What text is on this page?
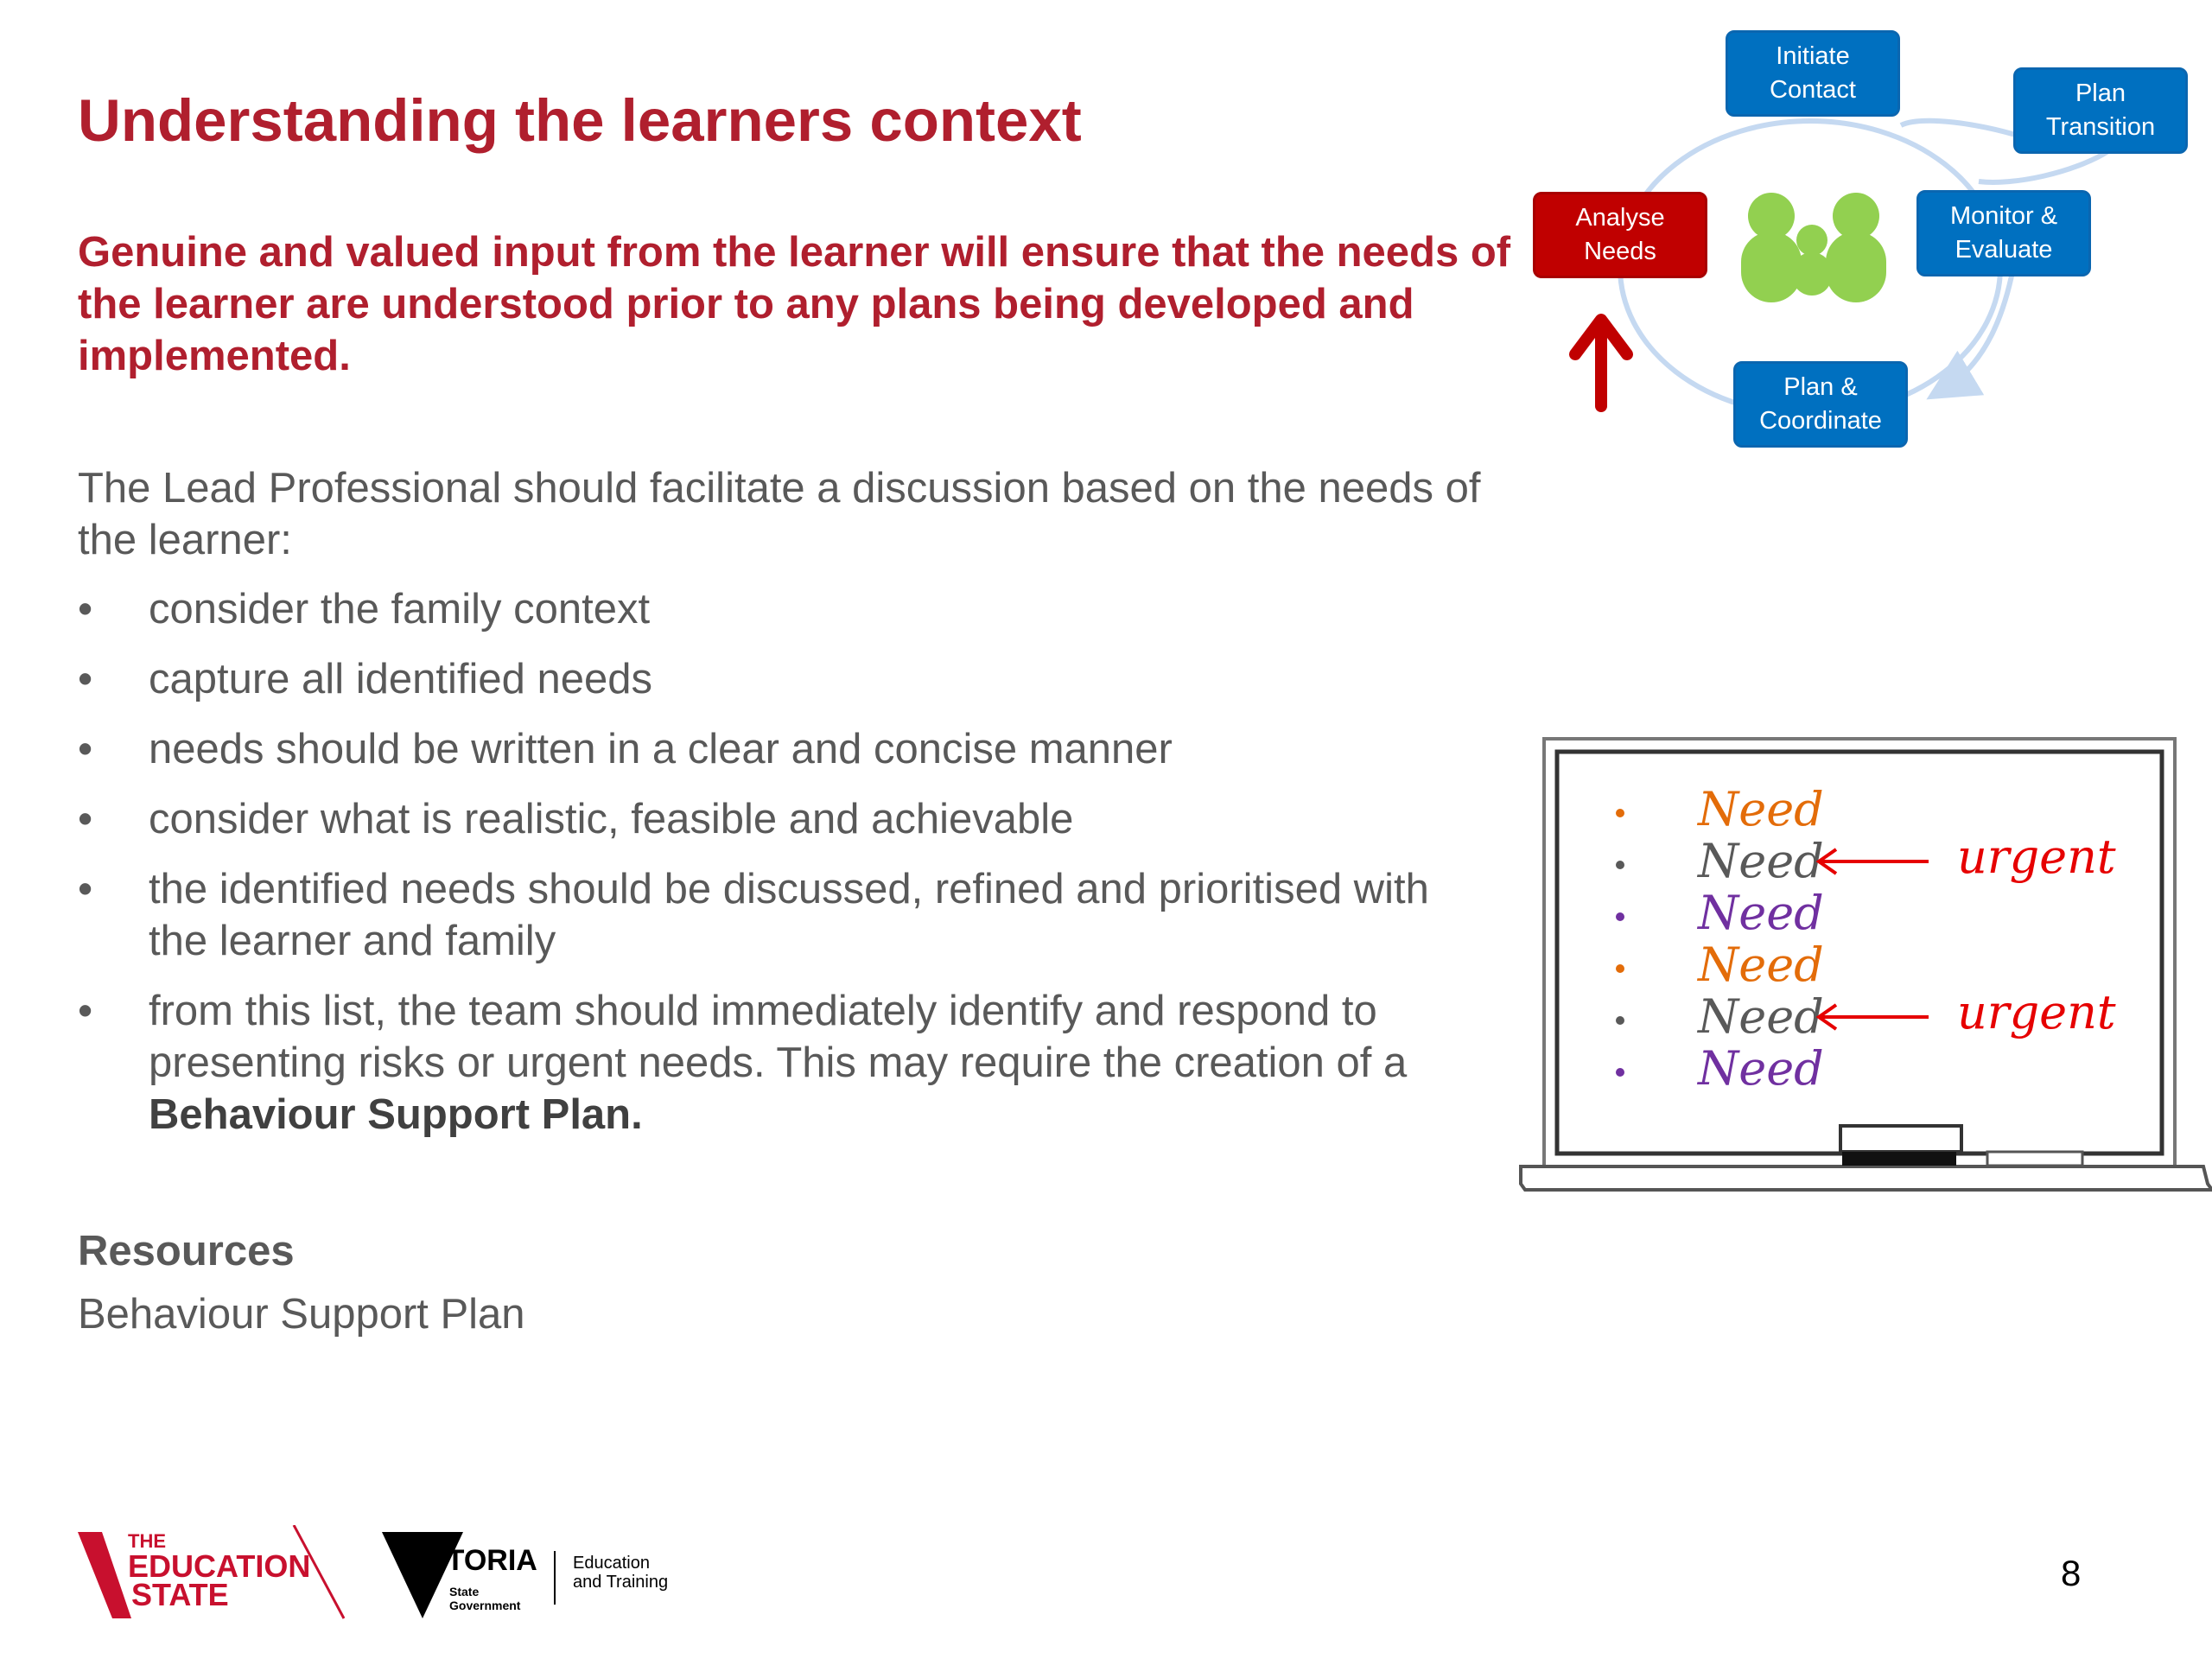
Understanding the learners context
Genuine and valued input from the learner will ensure that the needs of the learner are understood prior to any plans being developed and implemented.
The Lead Professional should facilitate a discussion based on the needs of the learner:
• consider the family context
• capture all identified needs
• needs should be written in a clear and concise manner
• consider what is realistic, feasible and achievable
• the identified needs should be discussed, refined and prioritised with the learner and family
• from this list, the team should immediately identify and respond to presenting risks or urgent needs. This may require the creation of a
Behaviour Support Plan.
Resources
Behaviour Support Plan
Initiate
Contact	Plan
Transition
Analyse
Needs
Monitor &
Evaluate
Plan &
Coordinate
Need
Need	urgent
Need
Need
Need	urgent
Need
THE
EDUCATION
STATE
VICTORIA
State
Government
Education
and Training	8
